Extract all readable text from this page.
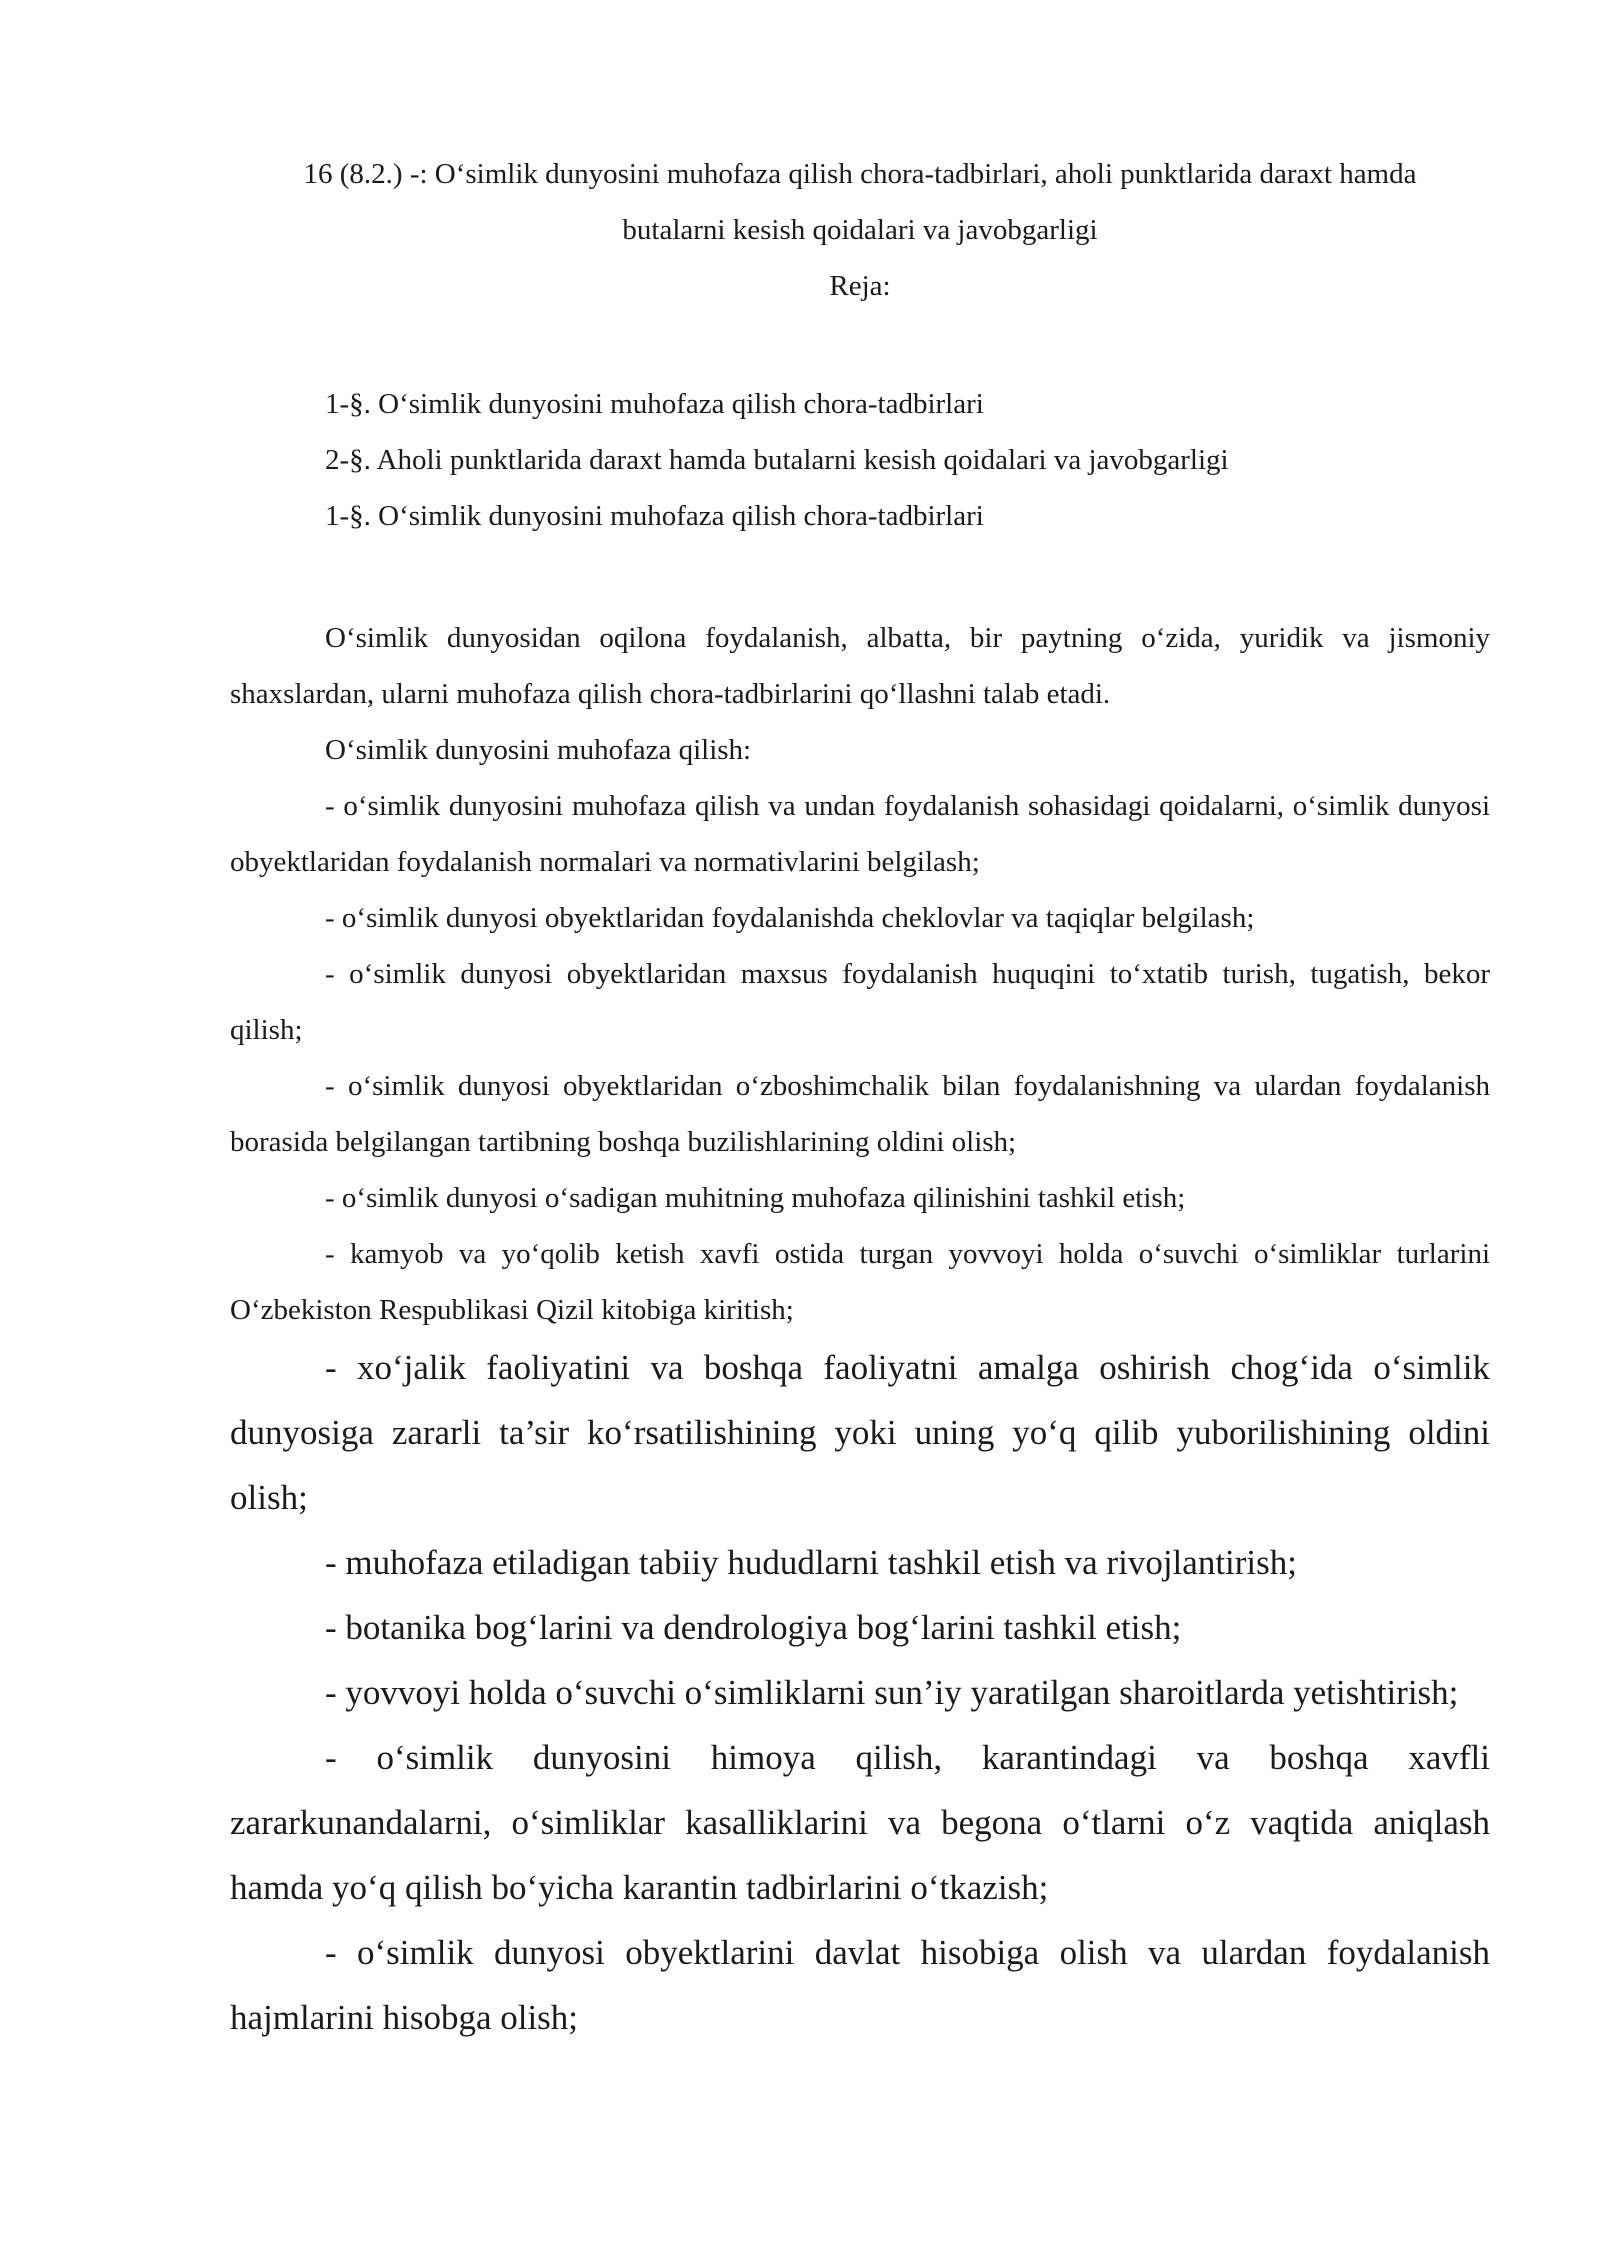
16 (8.2.) -: O‘simlik dunyosini muhofaza qilish chora-tadbirlari, aholi punktlarida daraxt hamda
butalarni kesish qoidalari va javobgarligi
Reja:
1-§. O‘simlik dunyosini muhofaza qilish chora-tadbirlari
2-§. Aholi punktlarida daraxt hamda butalarni kesish qoidalari va javobgarligi
1-§. O‘simlik dunyosini muhofaza qilish chora-tadbirlari

O‘simlik dunyosidan oqilona foydalanish, albatta, bir paytning o‘zida, yuridik va jismoniy shaxslardan, ularni muhofaza qilish chora-tadbirlarini qo‘llashni talab etadi.

O‘simlik dunyosini muhofaza qilish:

- o‘simlik dunyosini muhofaza qilish va undan foydalanish sohasidagi qoidalarni, o‘simlik dunyosi obyektlaridan foydalanish normalari va normativlarini belgilash;

- o‘simlik dunyosi obyektlaridan foydalanishda cheklovlar va taqiqlar belgilash;

- o‘simlik dunyosi obyektlaridan maxsus foydalanish huquqini to‘xtatib turish, tugatish, bekor qilish;

- o‘simlik dunyosi obyektlaridan o‘zboshimchalik bilan foydalanishning va ulardan foydalanish borasida belgilangan tartibning boshqa buzilishlarining oldini olish;

- o‘simlik dunyosi o‘sadigan muhitning muhofaza qilinishini tashkil etish;

- kamyob va yo‘qolib ketish xavfi ostida turgan yovvoyi holda o‘suvchi o‘simliklar turlarini O‘zbekiston Respublikasi Qizil kitobiga kiritish;

- xo‘jalik faoliyatini va boshqa faoliyatni amalga oshirish chog‘ida o‘simlik dunyosiga zararli ta’sir ko‘rsatilishining yoki uning yo‘q qilib yuborilishining oldini olish;

- muhofaza etiladigan tabiiy hududlarni tashkil etish va rivojlantirish;

- botanika bog‘larini va dendrologiya bog‘larini tashkil etish;

- yovvoyi holda o‘suvchi o‘simliklarni sun’iy yaratilgan sharoitlarda yetishtirish;

- o‘simlik dunyosini himoya qilish, karantindagi va boshqa xavfli zararkunandalarni, o‘simliklar kasalliklarini va begona o‘tlarni o‘z vaqtida aniqlash hamda yo‘q qilish bo‘yicha karantin tadbirlarini o‘tkazish;

- o‘simlik dunyosi obyektlarini davlat hisobiga olish va ulardan foydalanish hajmlarini hisobga olish;
